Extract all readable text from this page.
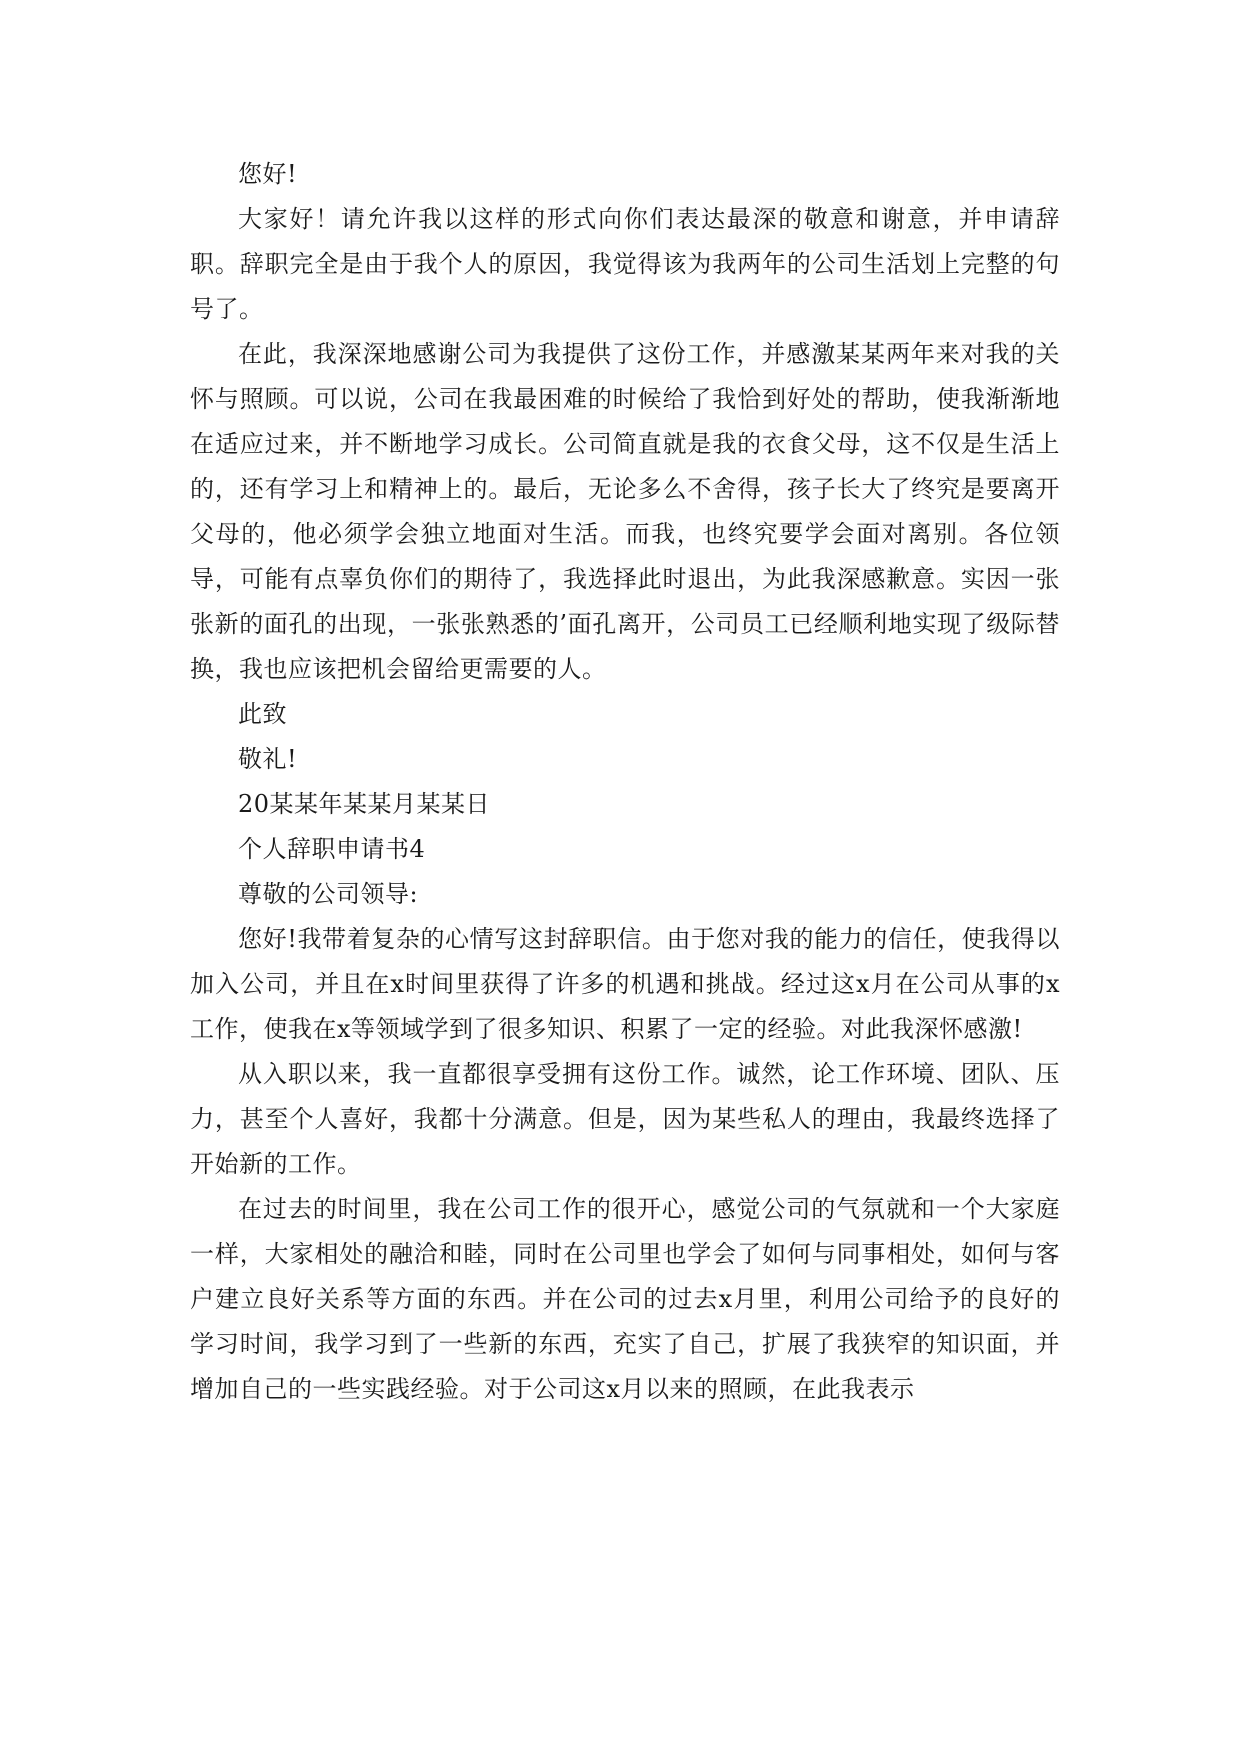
您好!

大家好！请允许我以这样的形式向你们表达最深的敬意和谢意，并申请辞职。辞职完全是由于我个人的原因，我觉得该为我两年的公司生活划上完整的句号了。

在此，我深深地感谢公司为我提供了这份工作，并感激某某两年来对我的关怀与照顾。可以说，公司在我最困难的时候给了我恰到好处的帮助，使我渐渐地在适应过来，并不断地学习成长。公司简直就是我的衣食父母，这不仅是生活上的，还有学习上和精神上的。最后，无论多么不舍得，孩子长大了终究是要离开父母的，他必须学会独立地面对生活。而我，也终究要学会面对离别。各位领导，可能有点辜负你们的期待了，我选择此时退出，为此我深感歉意。实因一张张新的面孔的出现，一张张熟悉的’面孔离开，公司员工已经顺利地实现了级际替换，我也应该把机会留给更需要的人。

此致

敬礼!

20某某年某某月某某日

个人辞职申请书4

尊敬的公司领导:

您好!我带着复杂的心情写这封辞职信。由于您对我的能力的信任，使我得以加入公司，并且在x时间里获得了许多的机遇和挑战。经过这x月在公司从事的x工作，使我在x等领域学到了很多知识、积累了一定的经验。对此我深怀感激!

从入职以来，我一直都很享受拥有这份工作。诚然，论工作环境、团队、压力，甚至个人喜好，我都十分满意。但是，因为某些私人的理由，我最终选择了开始新的工作。

在过去的时间里，我在公司工作的很开心，感觉公司的气氛就和一个大家庭一样，大家相处的融洽和睦，同时在公司里也学会了如何与同事相处，如何与客户建立良好关系等方面的东西。并在公司的过去x月里，利用公司给予的良好的学习时间，我学习到了一些新的东西，充实了自己，扩展了我狭窄的知识面，并增加自己的一些实践经验。对于公司这x月以来的照顾，在此我表示
